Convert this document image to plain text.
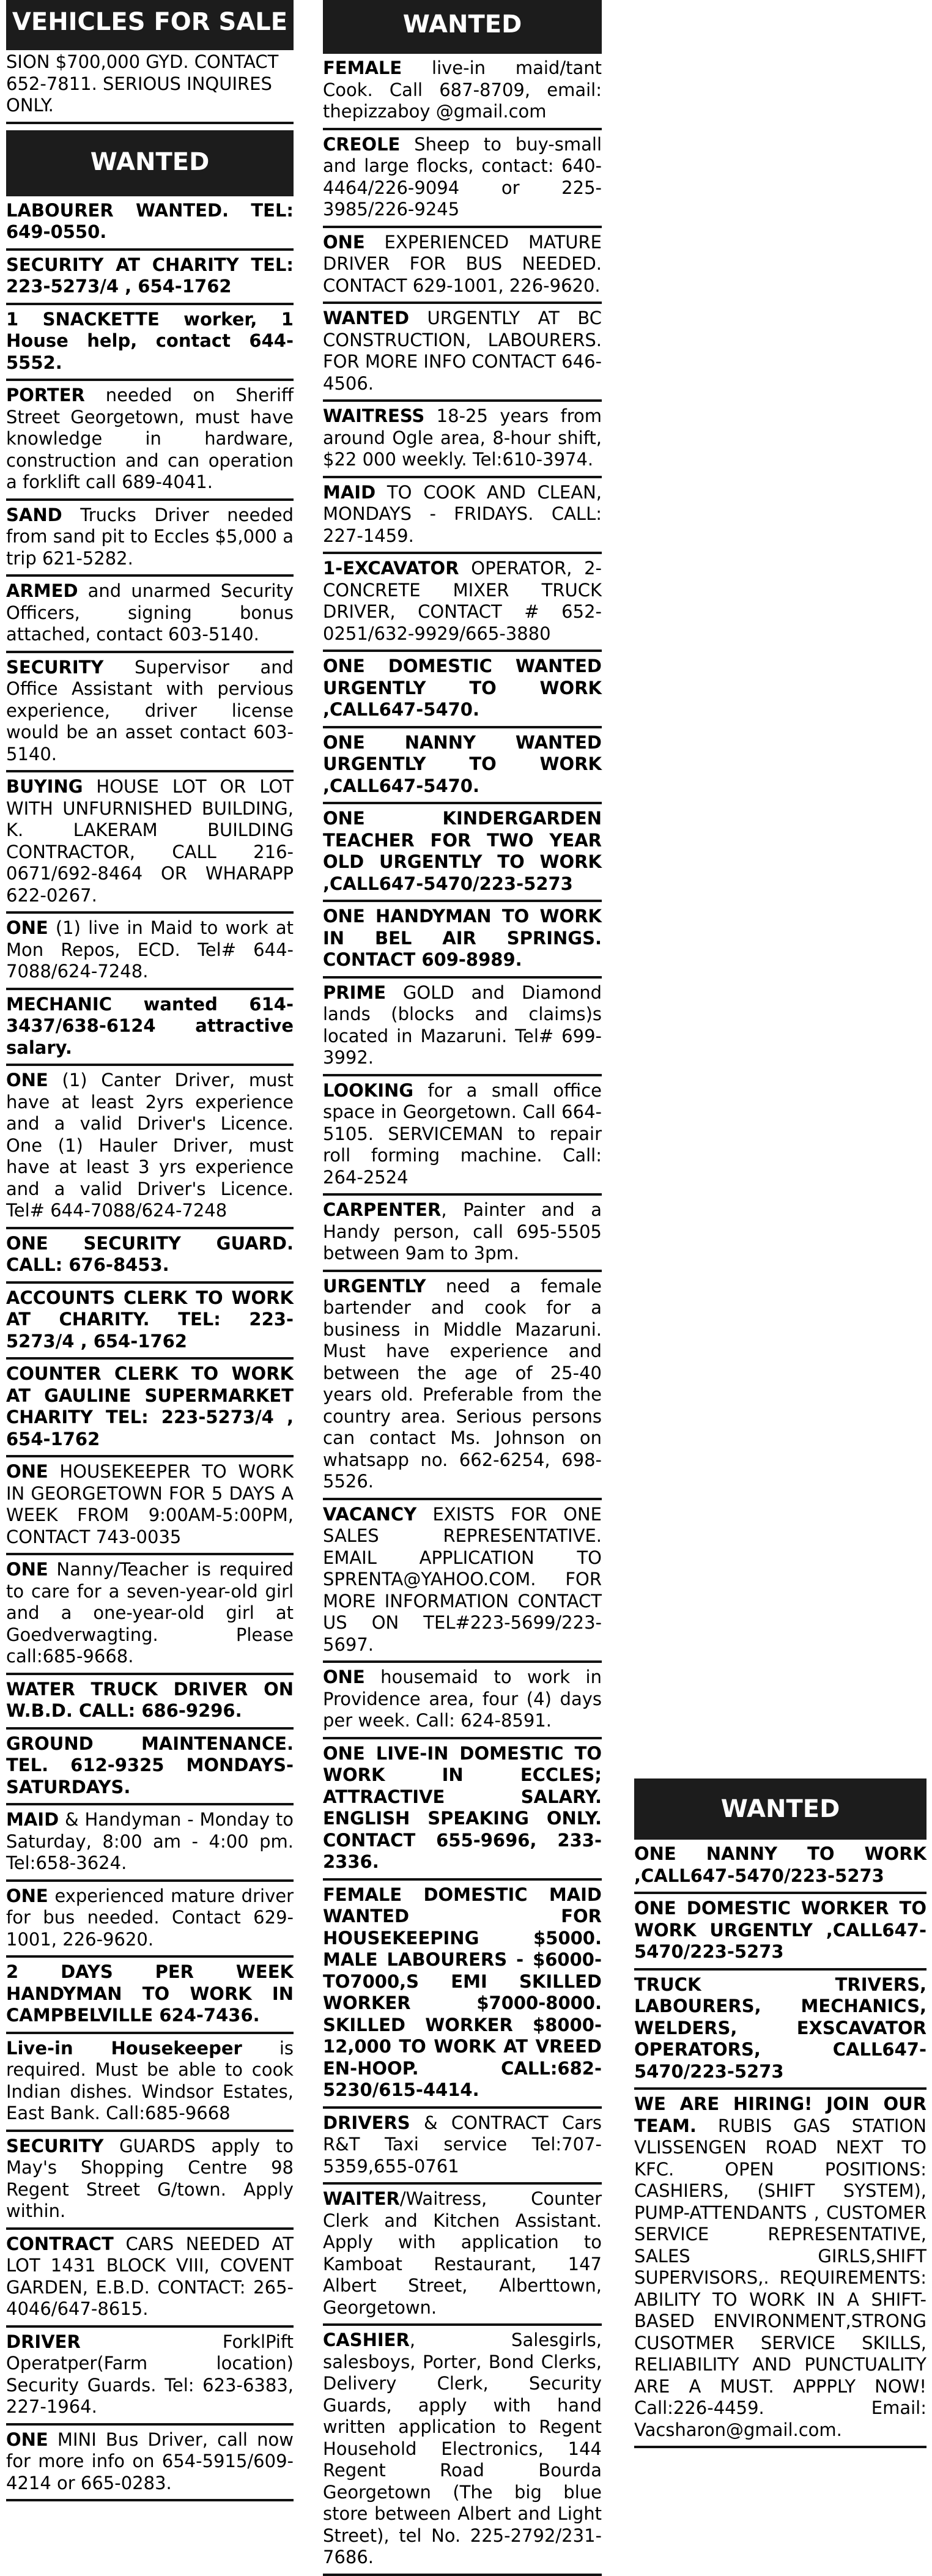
VEHICLES FOR SALE
SION $700,000 GYD. CONTACT 652-7811. SERIOUS INQUIRES ONLY.
WANTED
LABOURER WANTED. TEL: 649-0550.
SECURITY AT CHARITY TEL: 223-5273/4 , 654-1762
1 SNACKETTE worker, 1 House help, contact 644-5552.
PORTER needed on Sheriff Street Georgetown, must have knowledge in hardware, construction and can operation a forklift call 689-4041.
SAND Trucks Driver needed from sand pit to Eccles $5,000 a trip 621-5282.
ARMED and unarmed Security Officers, signing bonus attached, contact 603-5140.
SECURITY Supervisor and Office Assistant with pervious experience, driver license would be an asset contact 603-5140.
BUYING HOUSE LOT OR LOT WITH UNFURNISHED BUILDING, K. LAKERAM BUILDING CONTRACTOR, CALL 216-0671/692-8464 OR WHARAPP 622-0267.
ONE (1) live in Maid to work at Mon Repos, ECD. Tel# 644-7088/624-7248.
MECHANIC wanted 614-3437/638-6124 attractive salary.
ONE (1) Canter Driver, must have at least 2yrs experience and a valid Driver's Licence. One (1) Hauler Driver, must have at least 3 yrs experience and a valid Driver's Licence. Tel# 644-7088/624-7248
ONE SECURITY GUARD. CALL: 676-8453.
ACCOUNTS CLERK TO WORK AT CHARITY. TEL: 223-5273/4 , 654-1762
COUNTER CLERK TO WORK AT GAULINE SUPERMARKET CHARITY TEL: 223-5273/4 , 654-1762
ONE HOUSEKEEPER TO WORK IN GEORGETOWN FOR 5 DAYS A WEEK FROM 9:00AM-5:00PM, CONTACT 743-0035
ONE Nanny/Teacher is required to care for a seven-year-old girl and a one-year-old girl at Goedverwagting. Please call:685-9668.
WATER TRUCK DRIVER ON W.B.D. CALL: 686-9296.
GROUND MAINTENANCE. TEL. 612-9325 MONDAYS-SATURDAYS.
MAID & Handyman - Monday to Saturday, 8:00 am - 4:00 pm. Tel:658-3624.
ONE experienced mature driver for bus needed. Contact 629-1001, 226-9620.
2 DAYS PER WEEK HANDYMAN TO WORK IN CAMPBELVILLE 624-7436.
Live-in Housekeeper is required. Must be able to cook Indian dishes. Windsor Estates, East Bank. Call:685-9668
SECURITY GUARDS apply to May's Shopping Centre 98 Regent Street G/town. Apply within.
CONTRACT CARS NEEDED AT LOT 1431 BLOCK VIII, COVENT GARDEN, E.B.D. CONTACT: 265-4046/647-8615.
DRIVER ForklPift Operatper(Farm location) Security Guards. Tel: 623-6383, 227-1964.
ONE MINI Bus Driver, call now for more info on 654-5915/609-4214 or 665-0283.
WANTED
FEMALE live-in maid/tant Cook. Call 687-8709, email: thepizzaboy @gmail.com
CREOLE Sheep to buy-small and large flocks, contact: 640-4464/226-9094 or 225-3985/226-9245
ONE EXPERIENCED MATURE DRIVER FOR BUS NEEDED. CONTACT 629-1001, 226-9620.
WANTED URGENTLY AT BC CONSTRUCTION, LABOURERS. FOR MORE INFO CONTACT 646-4506.
WAITRESS 18-25 years from around Ogle area, 8-hour shift, $22 000 weekly. Tel:610-3974.
MAID TO COOK AND CLEAN, MONDAYS - FRIDAYS. CALL: 227-1459.
1-EXCAVATOR OPERATOR, 2- CONCRETE MIXER TRUCK DRIVER, CONTACT # 652-0251/632-9929/665-3880
ONE DOMESTIC WANTED URGENTLY TO WORK ,CALL647-5470.
ONE NANNY WANTED URGENTLY TO WORK ,CALL647-5470.
ONE KINDERGARDEN TEACHER FOR TWO YEAR OLD URGENTLY TO WORK ,CALL647-5470/223-5273
ONE HANDYMAN TO WORK IN BEL AIR SPRINGS. CONTACT 609-8989.
PRIME GOLD and Diamond lands (blocks and claims)s located in Mazaruni. Tel# 699-3992.
LOOKING for a small office space in Georgetown. Call 664-5105. SERVICEMAN to repair roll forming machine. Call: 264-2524
CARPENTER, Painter and a Handy person, call 695-5505 between 9am to 3pm.
URGENTLY need a female bartender and cook for a business in Middle Mazaruni. Must have experience and between the age of 25-40 years old. Preferable from the country area. Serious persons can contact Ms. Johnson on whatsapp no. 662-6254, 698-5526.
VACANCY EXISTS FOR ONE SALES REPRESENTATIVE. EMAIL APPLICATION TO SPRENTA@YAHOO.COM. FOR MORE INFORMATION CONTACT US ON TEL#223-5699/223-5697.
ONE housemaid to work in Providence area, four (4) days per week. Call: 624-8591.
ONE LIVE-IN DOMESTIC TO WORK IN ECCLES; ATTRACTIVE SALARY. ENGLISH SPEAKING ONLY. CONTACT 655-9696, 233-2336.
FEMALE DOMESTIC MAID WANTED FOR HOUSEKEEPING $5000. MALE LABOURERS - $6000-TO7000,S EMI SKILLED WORKER $7000-8000. SKILLED WORKER $8000-12,000 TO WORK AT VREED EN-HOOP. CALL:682-5230/615-4414.
DRIVERS & CONTRACT Cars R&T Taxi service Tel:707-5359,655-0761
WAITER/Waitress, Counter Clerk and Kitchen Assistant. Apply with application to Kamboat Restaurant, 147 Albert Street, Alberttown, Georgetown.
CASHIER, Salesgirls, salesboys, Porter, Bond Clerks, Delivery Clerk, Security Guards, apply with hand written application to Regent Household Electronics, 144 Regent Road Bourda Georgetown (The big blue store between Albert and Light Street), tel No. 225-2792/231-7686.
WANTED
ONE NANNY TO WORK ,CALL647-5470/223-5273
ONE DOMESTIC WORKER TO WORK URGENTLY ,CALL647-5470/223-5273
TRUCK TRIVERS, LABOURERS, MECHANICS, WELDERS, EXSCAVATOR OPERATORS, CALL647-5470/223-5273
WE ARE HIRING! JOIN OUR TEAM. RUBIS GAS STATION VLISSENGEN ROAD NEXT TO KFC. OPEN POSITIONS: CASHIERS, (SHIFT SYSTEM), PUMP-ATTENDANTS , CUSTOMER SERVICE REPRESENTATIVE, SALES GIRLS,SHIFT SUPERVISORS,. REQUIREMENTS: ABILITY TO WORK IN A SHIFT-BASED ENVIRONMENT,STRONG CUSOTMER SERVICE SKILLS, RELIABILITY AND PUNCTUALITY ARE A MUST. APPPLY NOW! Call:226-4459. Email: Vacsharon@gmail.com.
